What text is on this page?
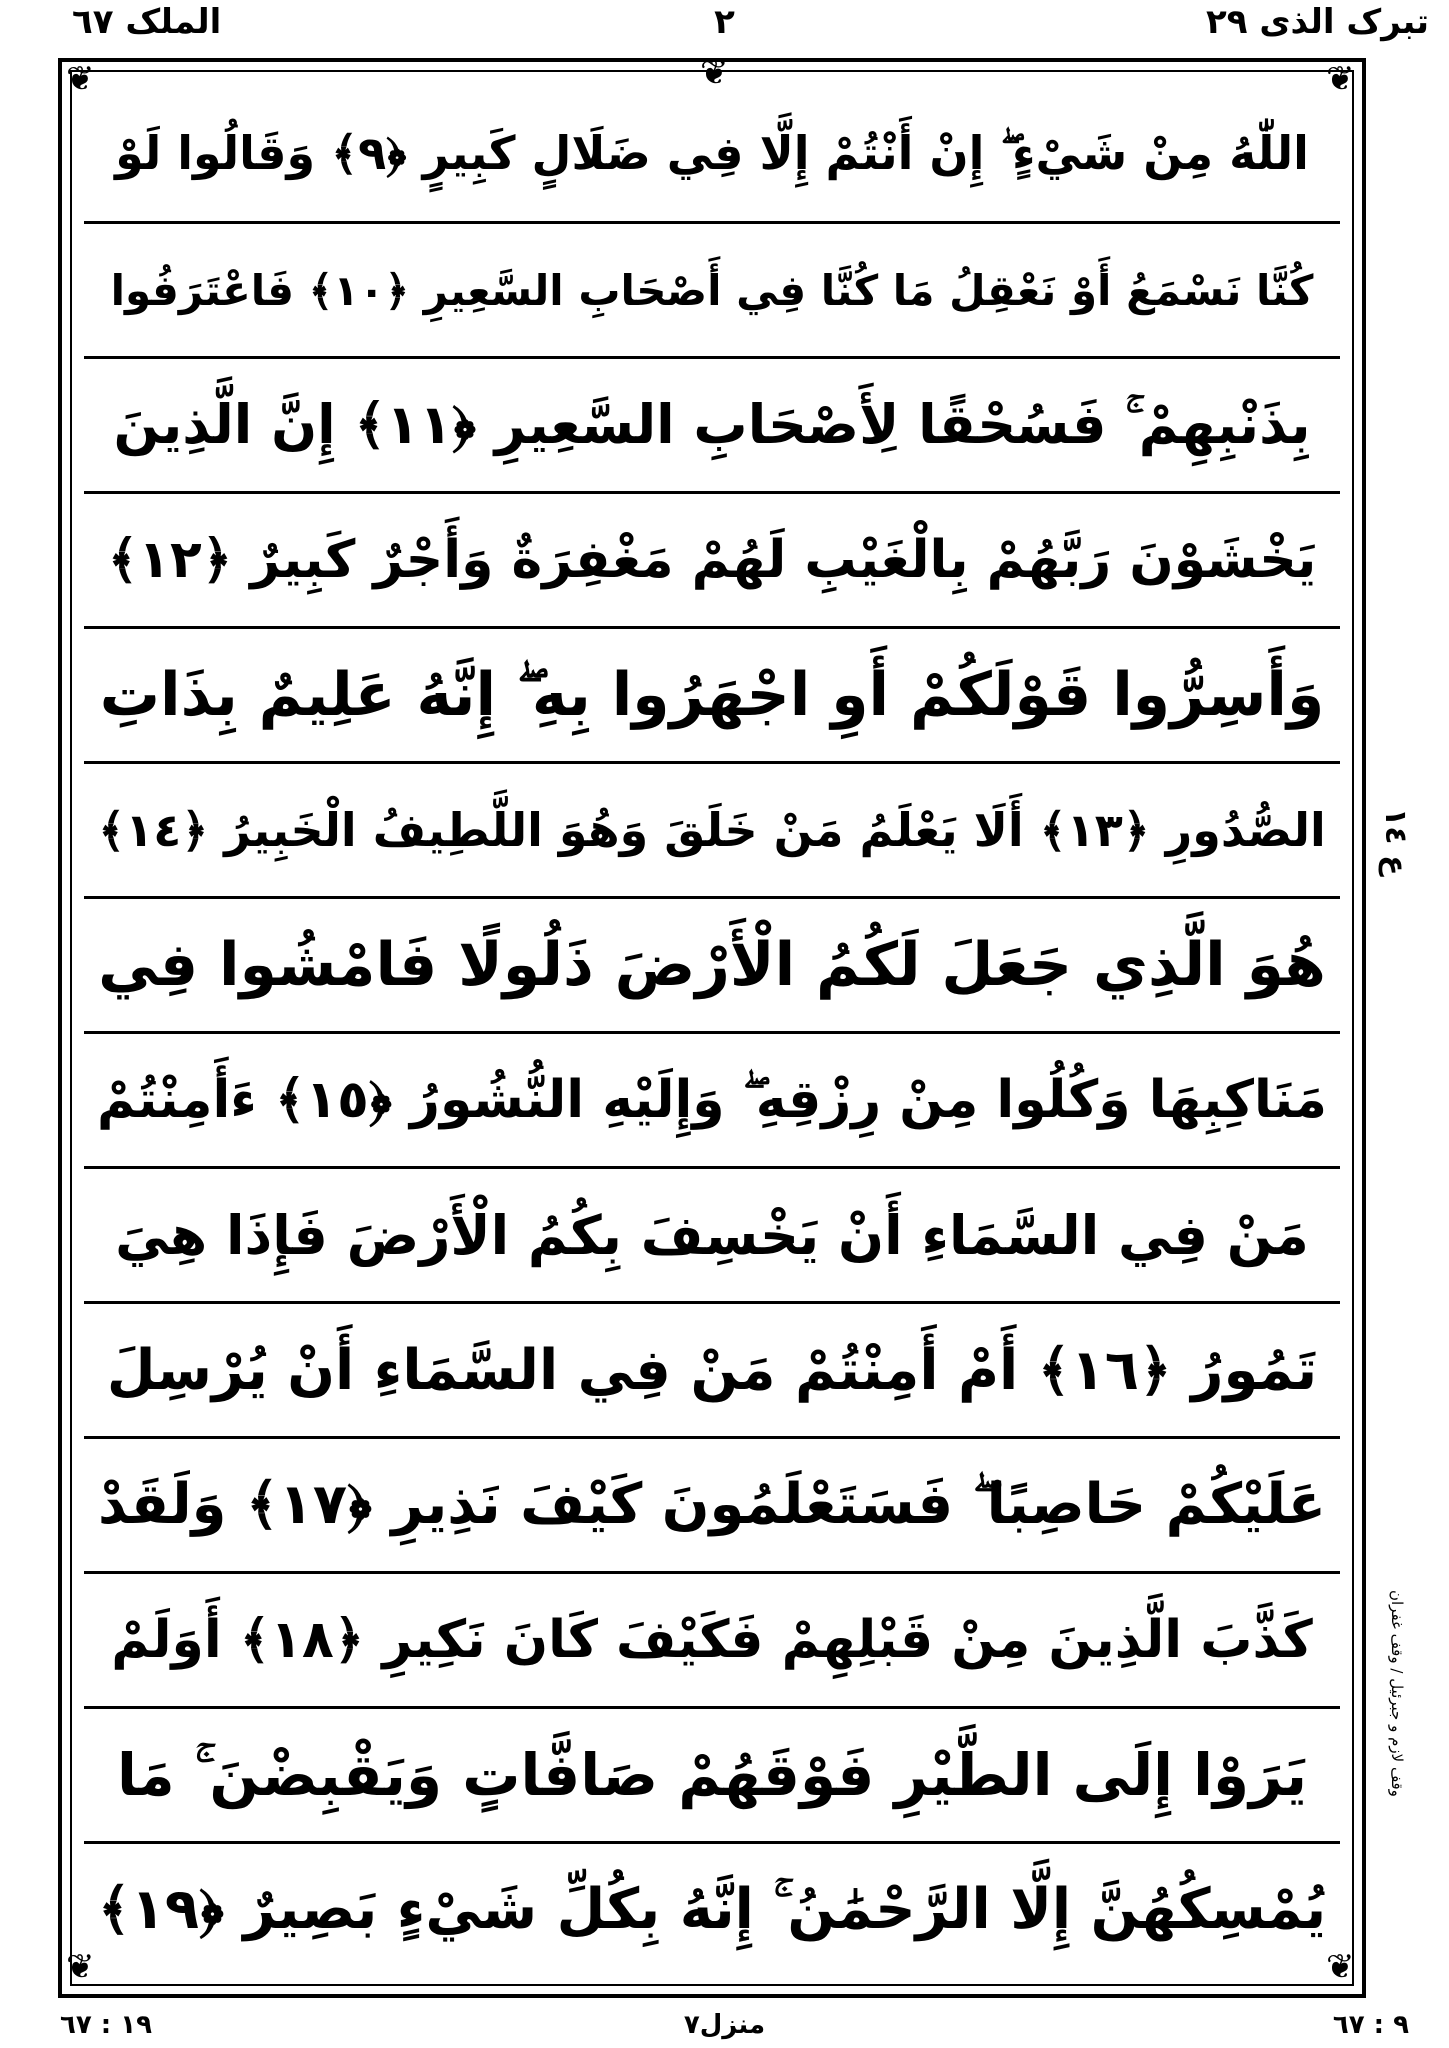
تبرک الذی ٢٩
٢
الملک ٦٧
❦	❦
❦	❦
❦
اللّٰهُ مِنْ شَيْءٍ ۖ إِنْ أَنْتُمْ إِلَّا فِي ضَلَالٍ كَبِيرٍ ﴿٩﴾ وَقَالُوا لَوْ
كُنَّا نَسْمَعُ أَوْ نَعْقِلُ مَا كُنَّا فِي أَصْحَابِ السَّعِيرِ ﴿١٠﴾ فَاعْتَرَفُوا
بِذَنْبِهِمْ ۚ فَسُحْقًا لِأَصْحَابِ السَّعِيرِ ﴿١١﴾ إِنَّ الَّذِينَ
يَخْشَوْنَ رَبَّهُمْ بِالْغَيْبِ لَهُمْ مَغْفِرَةٌ وَأَجْرٌ كَبِيرٌ ﴿١٢﴾
وَأَسِرُّوا قَوْلَكُمْ أَوِ اجْهَرُوا بِهِ ۖ إِنَّهُ عَلِيمٌ بِذَاتِ
الصُّدُورِ ﴿١٣﴾ أَلَا يَعْلَمُ مَنْ خَلَقَ وَهُوَ اللَّطِيفُ الْخَبِيرُ ﴿١٤﴾
هُوَ الَّذِي جَعَلَ لَكُمُ الْأَرْضَ ذَلُولًا فَامْشُوا فِي
مَنَاكِبِهَا وَكُلُوا مِنْ رِزْقِهِ ۖ وَإِلَيْهِ النُّشُورُ ﴿١٥﴾ ءَأَمِنْتُمْ
مَنْ فِي السَّمَاءِ أَنْ يَخْسِفَ بِكُمُ الْأَرْضَ فَإِذَا هِيَ
تَمُورُ ﴿١٦﴾ أَمْ أَمِنْتُمْ مَنْ فِي السَّمَاءِ أَنْ يُرْسِلَ
عَلَيْكُمْ حَاصِبًا ۖ فَسَتَعْلَمُونَ كَيْفَ نَذِيرِ ﴿١٧﴾ وَلَقَدْ
كَذَّبَ الَّذِينَ مِنْ قَبْلِهِمْ فَكَيْفَ كَانَ نَكِيرِ ﴿١٨﴾ أَوَلَمْ
يَرَوْا إِلَى الطَّيْرِ فَوْقَهُمْ صَافَّاتٍ وَيَقْبِضْنَ ۚ مَا
يُمْسِكُهُنَّ إِلَّا الرَّحْمَٰنُ ۚ إِنَّهُ بِكُلِّ شَيْءٍ بَصِيرٌ ﴿١٩﴾
ع ١٤
وقف لازم و جبرئیل / وقف غفران
١٩ : ٦٧	منزل٧	٩ : ٦٧
